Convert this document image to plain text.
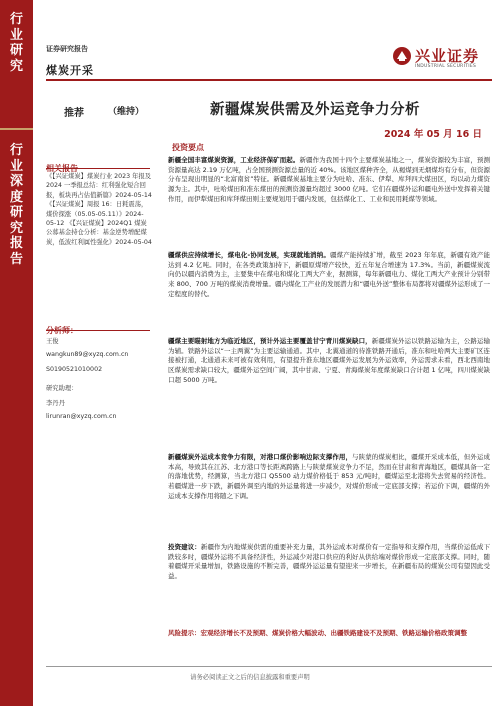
行
业
研
究
行
业
深
度
研
究
报
告
证券研究报告
煤炭开采
兴业证券
INDUSTRIAL SECURITIES
推荐	（维持）	新疆煤炭供需及外运竞争力分析
2024 年 05 月 16 日
《【兴证煤炭】煤炭行业 2023 年报及 2024 一季报总结：红利强化短合回报，板块再占估值新篇》2024-05-14 《【兴证煤炭】周报 16：日耗震荡，煤价探涨（05.05-05.11）》2024-05-12 《【兴证煤炭】2024Q1 煤炭公募基金持仓分析：基金逆势增配煤炭，低波红利属性强化》2024-05-04
王俊
wangkun89@xyzq.com.cn
S0190521010002
研究助理：
李丹丹
lirunran@xyzq.com.cn
投资要点
新疆全国丰富煤炭资源，工业经济保矿而起。新疆作为我国十四个主要煤炭基地之一，煤炭资源较为丰富，预测资源量高达 2.19 万亿吨，占全国预测资源总量的近 40%。该地区煤种齐全，从褐煤到无烟煤均有分布，但资源分布呈现出明显的“北富南贫”特征。新疆煤炭基地主要分为吐哈、准东、伊犁、库拜四大煤田区，均以动力煤资源为主。其中，吐哈煤田和准东煤田的预测资源量均超过 3000 亿吨。它们在疆煤外运和疆电外送中发挥着关键作用，而伊犁煤田和库拜煤田则主要规划用于疆内发展，包括煤化工、工业和民用耗煤等领域。
疆煤供应持续增长，煤电化-协同发展，实现就地消纳。疆煤产能持续扩增，截至 2023 年年底，新疆有效产能达到 4.2 亿吨。同时，在各类政策加持下，新疆原煤增产较快，近五年复合增速为 17.3%。当前，新疆煤炭流向仍以疆内消费为主，主要集中在煤电和煤化工两大产业，据测算，每年新疆电力、煤化工两大产业预计分别带来 800、700 万吨的煤炭消费增量。疆内煤化工产业的发展潜力和“疆电外送”整体布局都将对疆煤外运形成了一定程度的替代。
疆煤主要瞄射地方为临近地区，预计外运主要覆盖甘宁青川煤炭缺口，新疆煤炭外运以铁路运输为主，公路运输为辅。铁路外运以“一主两翼”为主要运输通道。其中，北翼通道的待淮铁路开通后，准东和吐哈两大主要矿区连接被打通，北通道未来可被有效利用，有望提升淮东地区疆煤外运发展为外运效率，外运需求未看，西北西南地区煤炭需求缺口较大，疆煤外运空间广阔，其中甘肃、宁夏、青海煤炭年度煤炭缺口合计超 1 亿吨，四川煤炭缺口超 5000 万吨。
新疆煤炭外运成本竞争力有限，对港口煤价影响边际支撑作用，与陕蒙的煤炭相比，疆煤开采成本低，但外运成本高，导致其在江苏、北方港口等长距离跨路上与陕蒙煤炭竞争力不足，然而在甘肃和青海地区，疆煤具备一定的落地优势，经测算，当北方港口 Q5500 动力煤价格低于 853 元/吨时，疆煤运至北港将失去贸易的经济性。若疆煤进一步下跌，新疆外调至内地的外运量将进一步减少，对煤价形成一定底部支撑；若运价下调，疆煤的外运成本支撑作用将随之下调。
投资建议：新疆作为内地煤炭供需的重要补充力量，其外运成本对煤价有一定指导和支撑作用，当煤价运低成下跌较多时，疆煤外运将不具备经济性，外运减少对港口供应的利好从供给端对煤价形成一定底部支撑。同时，随着疆煤开采量增加，铁路设施的不断完善，疆煤外运运量有望迎来一步增长，在新疆布局的煤炭公司有望因此受益。
风险提示：宏观经济增长不及预期、煤炭价格大幅波动、出疆铁路建设不及预期、铁路运输价格政策调整
请务必阅读正文之后的信息披露和重要声明
